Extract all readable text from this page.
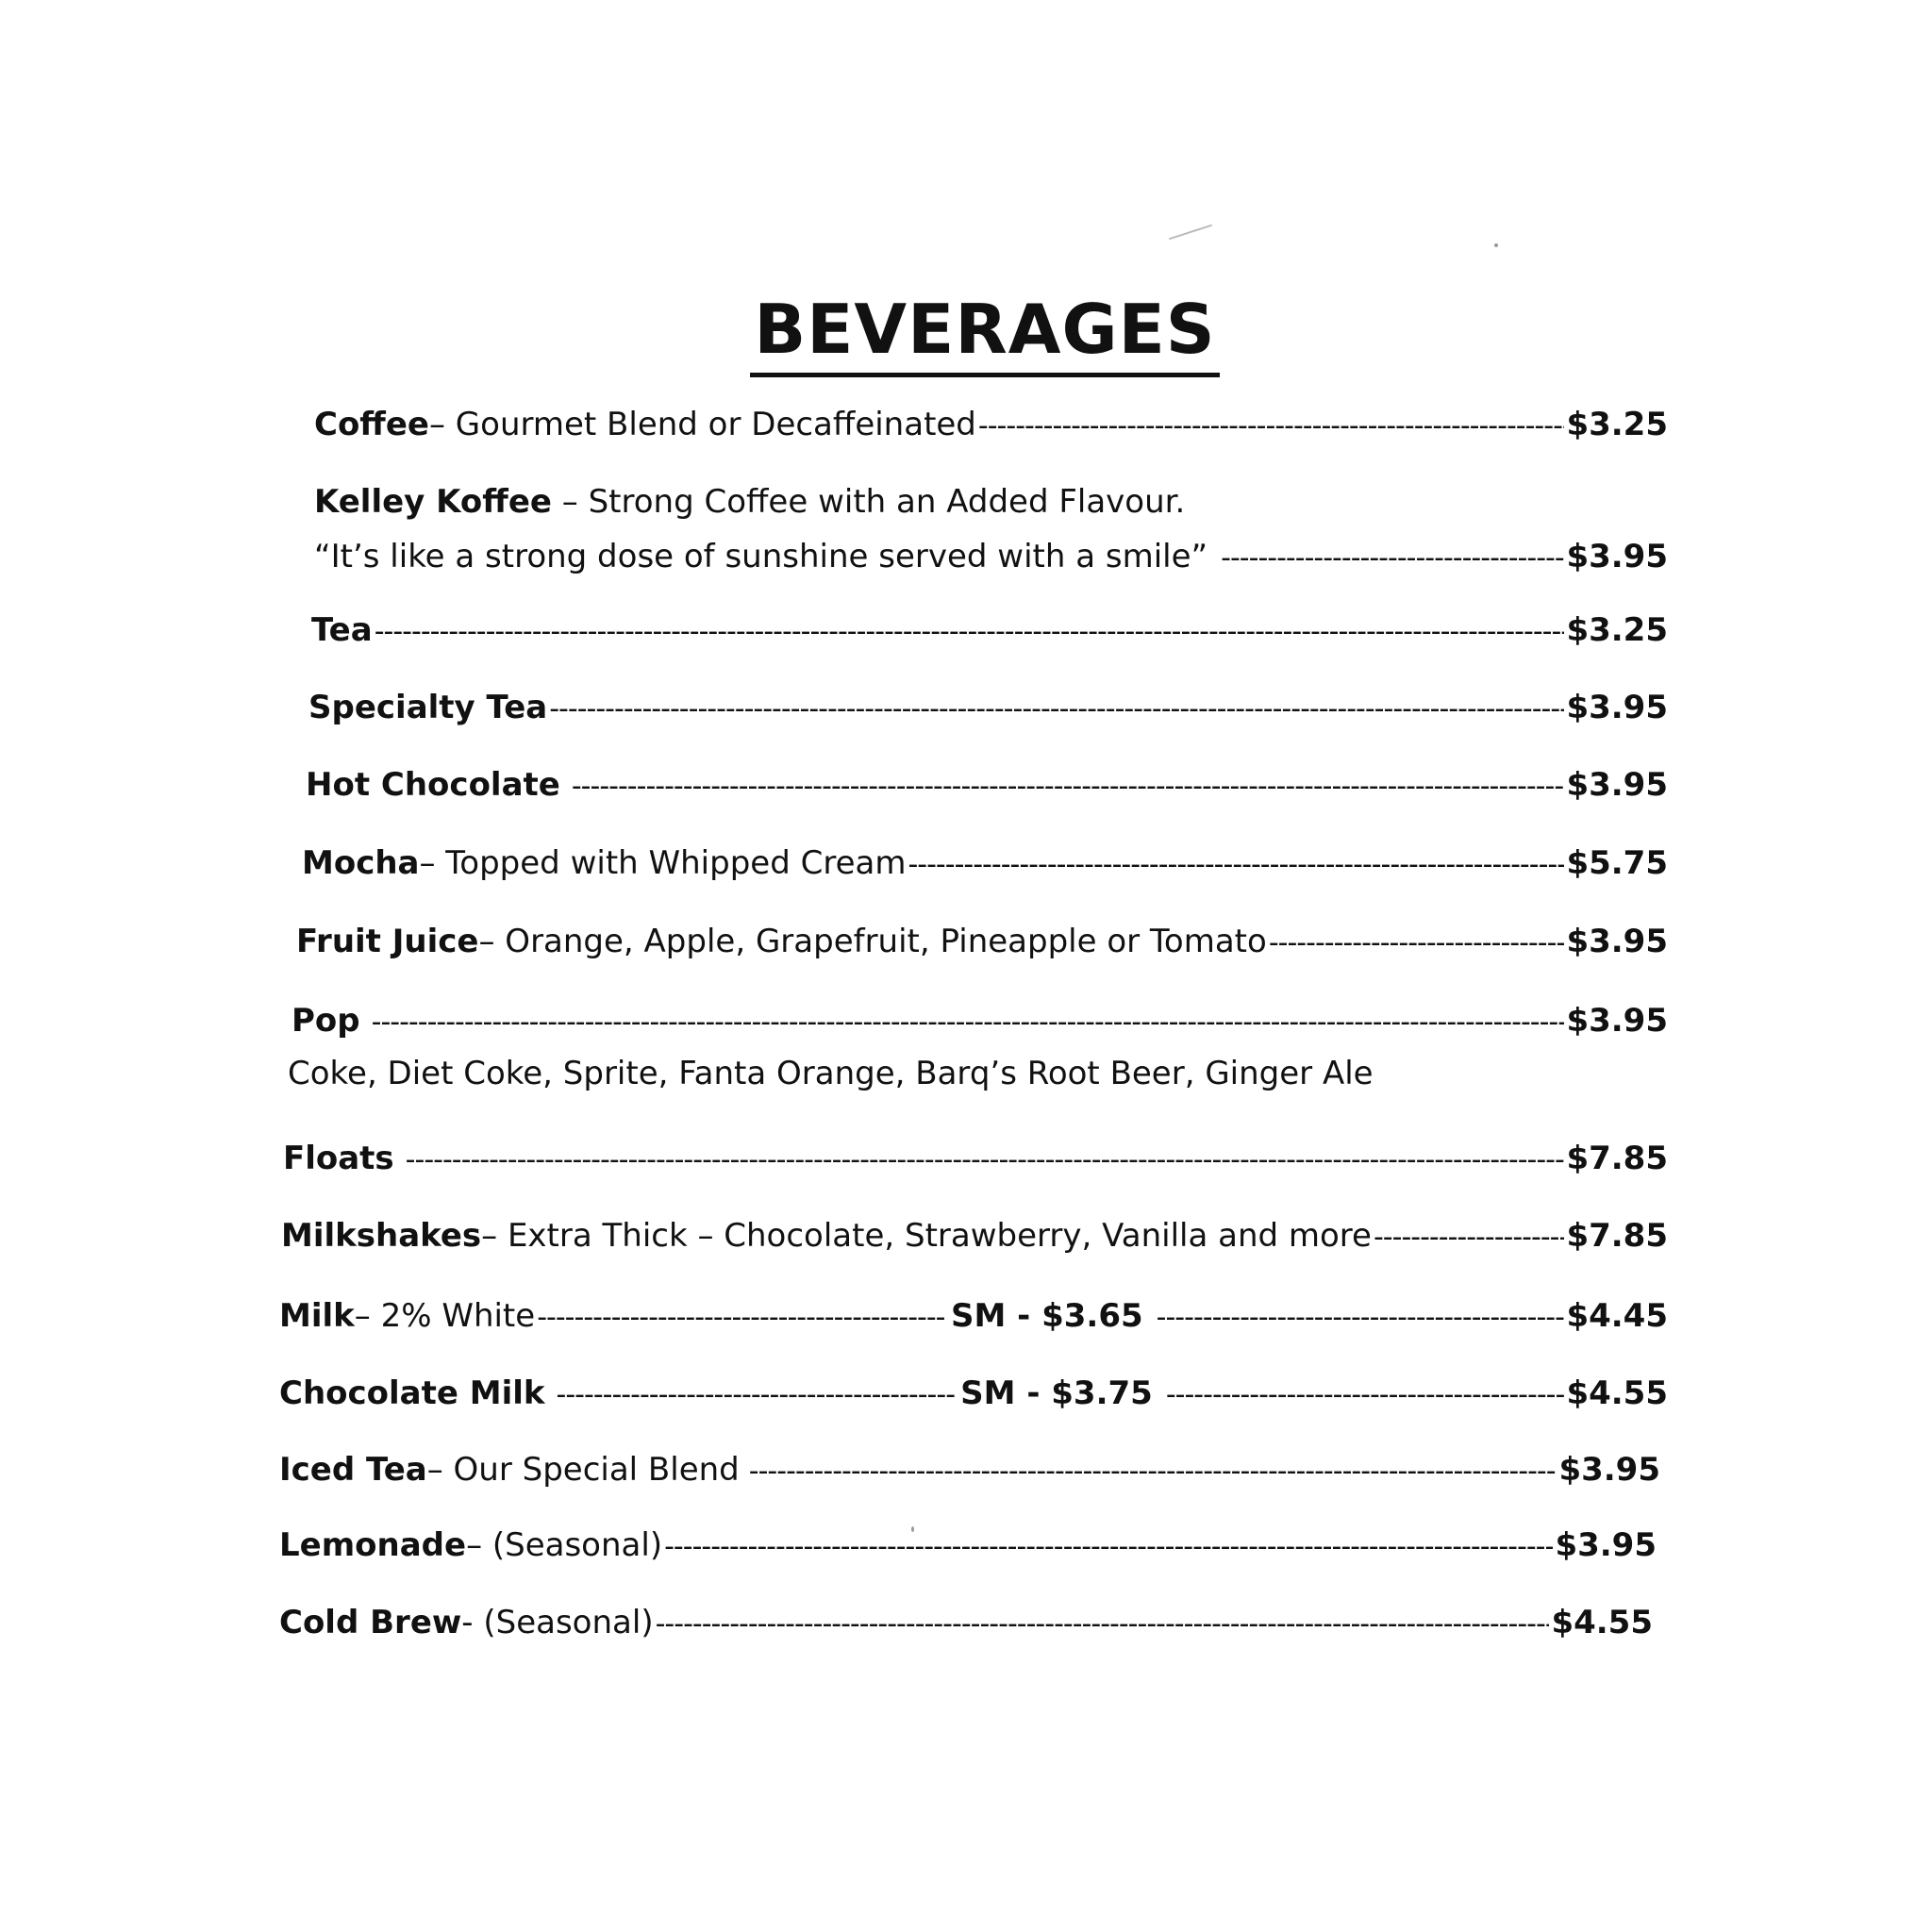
BEVERAGES
Coffee – Gourmet Blend or Decaffeinated -----	$3.25
Kelley Koffee – Strong Coffee with an Added Flavour.
“It’s like a strong dose of sunshine served with a smile” -----	$3.95
Tea -----	$3.25
Specialty Tea -----	$3.95
Hot Chocolate -----	$3.95
Mocha – Topped with Whipped Cream -----	$5.75
Fruit Juice – Orange, Apple, Grapefruit, Pineapple or Tomato -----	$3.95
Pop -----	$3.95
Coke, Diet Coke, Sprite, Fanta Orange, Barq’s Root Beer, Ginger Ale
Floats -----	$7.85
Milkshakes – Extra Thick – Chocolate, Strawberry, Vanilla and more -----	$7.85
Milk – 2% White -----	SM - $3.65 -----	$4.45
Chocolate Milk -----	SM - $3.75 -----	$4.55
Iced Tea – Our Special Blend -----	$3.95
Lemonade – (Seasonal) -----	$3.95
Cold Brew - (Seasonal) -----	$4.55
